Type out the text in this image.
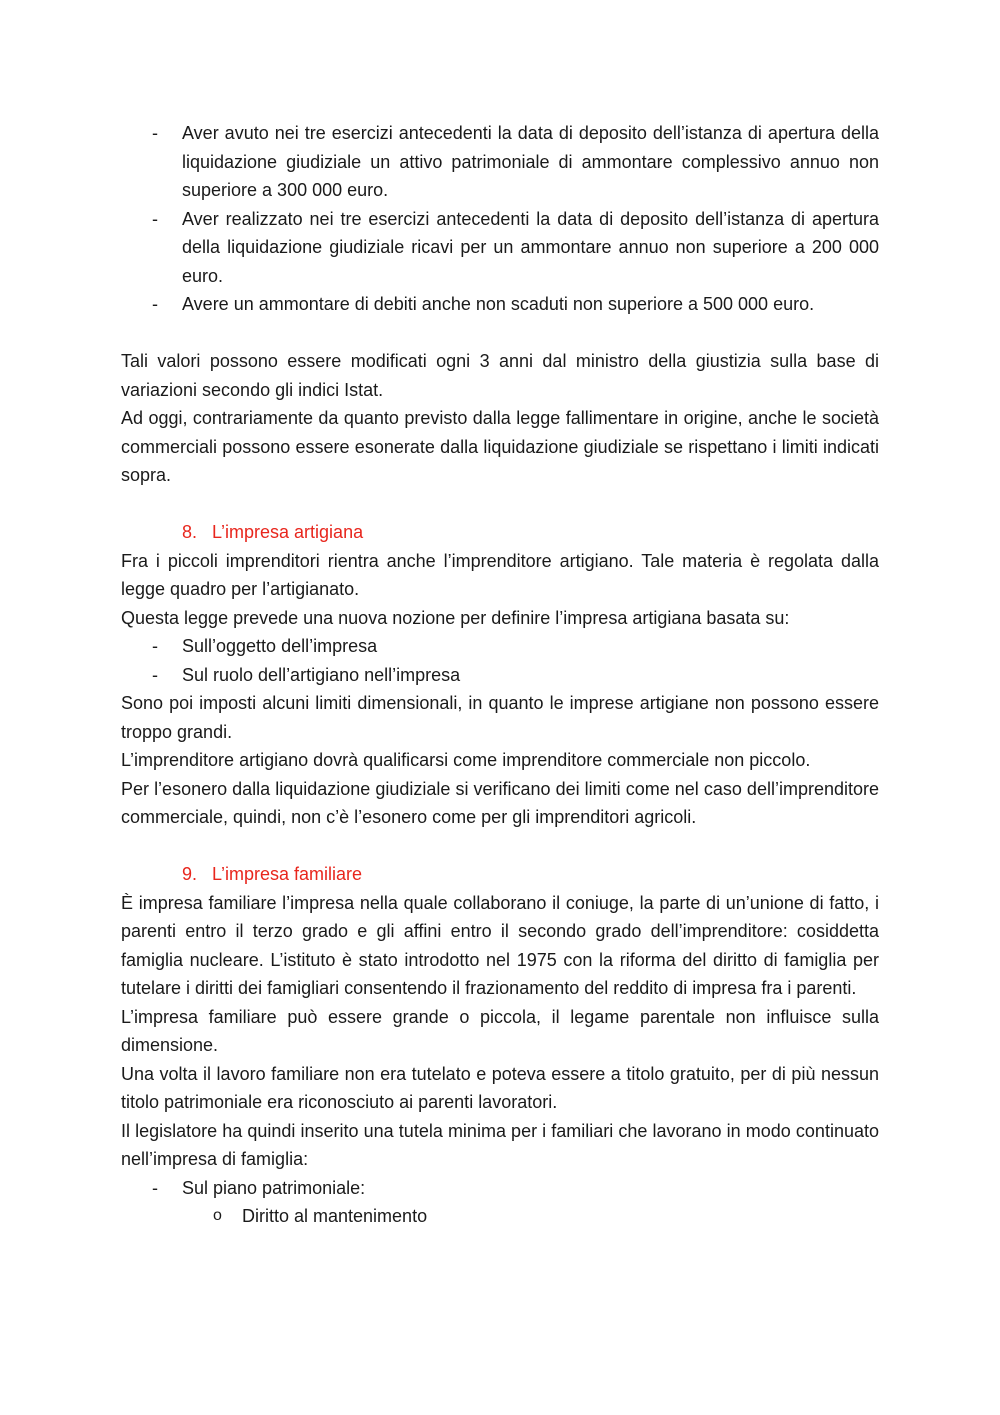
- Aver avuto nei tre esercizi antecedenti la data di deposito dell’istanza di apertura della liquidazione giudiziale un attivo patrimoniale di ammontare complessivo annuo non superiore a 300 000 euro.
- Aver realizzato nei tre esercizi antecedenti la data di deposito dell’istanza di apertura della liquidazione giudiziale ricavi per un ammontare annuo non superiore a 200 000 euro.
- Avere un ammontare di debiti anche non scaduti non superiore a 500 000 euro.

Tali valori possono essere modificati ogni 3 anni dal ministro della giustizia sulla base di variazioni secondo gli indici Istat.

Ad oggi, contrariamente da quanto previsto dalla legge fallimentare in origine, anche le società commerciali possono essere esonerate dalla liquidazione giudiziale se rispettano i limiti indicati sopra.

8. L’impresa artigiana

Fra i piccoli imprenditori rientra anche l’imprenditore artigiano. Tale materia è regolata dalla legge quadro per l’artigianato.

Questa legge prevede una nuova nozione per definire l’impresa artigiana basata su:

- Sull’oggetto dell’impresa
- Sul ruolo dell’artigiano nell’impresa

Sono poi imposti alcuni limiti dimensionali, in quanto le imprese artigiane non possono essere troppo grandi.

L’imprenditore artigiano dovrà qualificarsi come imprenditore commerciale non piccolo.

Per l’esonero dalla liquidazione giudiziale si verificano dei limiti come nel caso dell’imprenditore commerciale, quindi, non c’è l’esonero come per gli imprenditori agricoli.

9. L’impresa familiare

È impresa familiare l’impresa nella quale collaborano il coniuge, la parte di un’unione di fatto, i parenti entro il terzo grado e gli affini entro il secondo grado dell’imprenditore: cosiddetta famiglia nucleare. L’istituto è stato introdotto nel 1975 con la riforma del diritto di famiglia per tutelare i diritti dei famigliari consentendo il frazionamento del reddito di impresa fra i parenti.

L’impresa familiare può essere grande o piccola, il legame parentale non influisce sulla dimensione.

Una volta il lavoro familiare non era tutelato e poteva essere a titolo gratuito, per di più nessun titolo patrimoniale era riconosciuto ai parenti lavoratori.

Il legislatore ha quindi inserito una tutela minima per i familiari che lavorano in modo continuato nell’impresa di famiglia:

- Sul piano patrimoniale:
o Diritto al mantenimento
